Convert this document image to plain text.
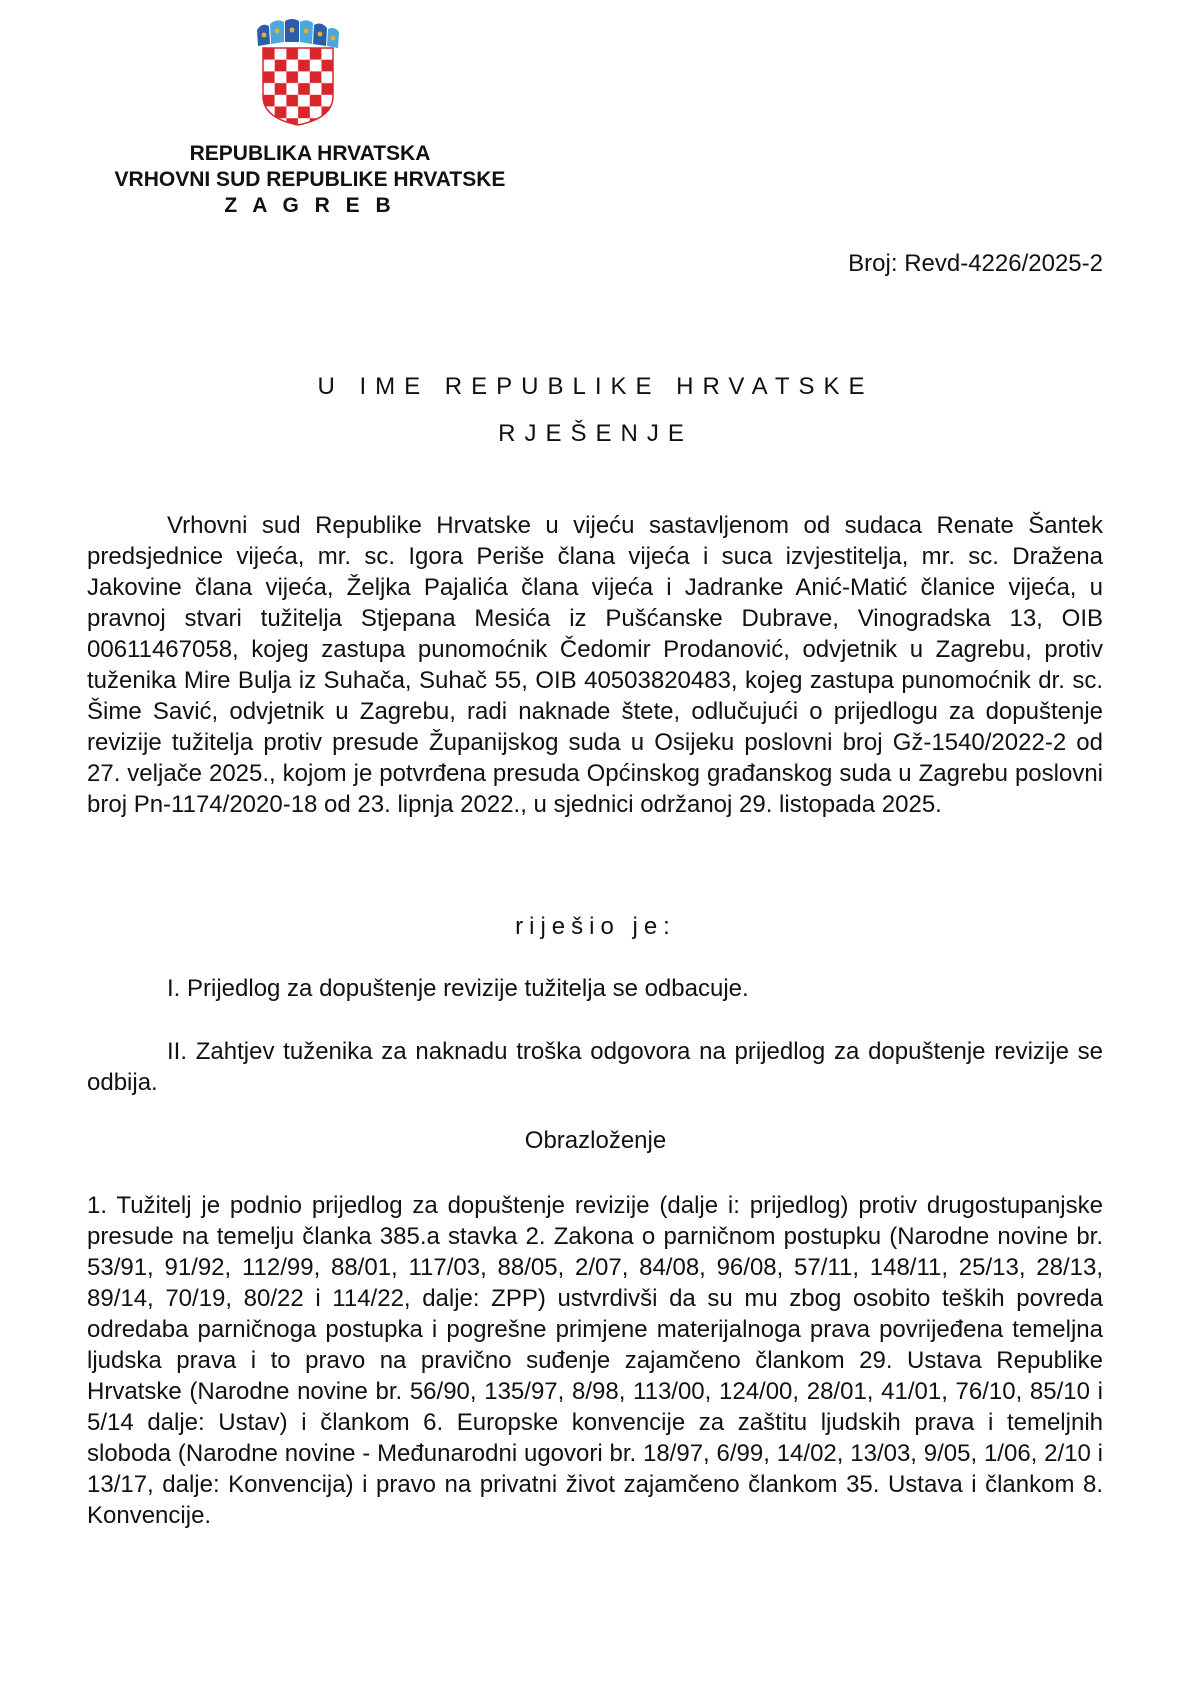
REPUBLIKA HRVATSKA
VRHOVNI SUD REPUBLIKE HRVATSKE
Z A G R E B
Broj: Revd-4226/2025-2
U IME REPUBLIKE HRVATSKE
RJEŠENJE

Vrhovni sud Republike Hrvatske u vijeću sastavljenom od sudaca Renate Šantek predsjednice vijeća, mr. sc. Igora Periše člana vijeća i suca izvjestitelja, mr. sc. Dražena Jakovine člana vijeća, Željka Pajalića člana vijeća i Jadranke Anić-Matić članice vijeća, u pravnoj stvari tužitelja Stjepana Mesića iz Pušćanske Dubrave, Vinogradska 13, OIB 00611467058, kojeg zastupa punomoćnik Čedomir Prodanović, odvjetnik u Zagrebu, protiv tuženika Mire Bulja iz Suhača, Suhač 55, OIB 40503820483, kojeg zastupa punomoćnik dr. sc. Šime Savić, odvjetnik u Zagrebu, radi naknade štete, odlučujući o prijedlogu za dopuštenje revizije tužitelja protiv presude Županijskog suda u Osijeku poslovni broj Gž-1540/2022-2 od 27. veljače 2025., kojom je potvrđena presuda Općinskog građanskog suda u Zagrebu poslovni broj Pn-1174/2020-18 od 23. lipnja 2022., u sjednici održanoj 29. listopada 2025.

riješio je:

I. Prijedlog za dopuštenje revizije tužitelja se odbacuje.

II. Zahtjev tuženika za naknadu troška odgovora na prijedlog za dopuštenje revizije se odbija.

Obrazloženje

1. Tužitelj je podnio prijedlog za dopuštenje revizije (dalje i: prijedlog) protiv drugostupanjske presude na temelju članka 385.a stavka 2. Zakona o parničnom postupku (Narodne novine br. 53/91, 91/92, 112/99, 88/01, 117/03, 88/05, 2/07, 84/08, 96/08, 57/11, 148/11, 25/13, 28/13, 89/14, 70/19, 80/22 i 114/22, dalje: ZPP) ustvrdivši da su mu zbog osobito teških povreda odredaba parničnoga postupka i pogrešne primjene materijalnoga prava povrijeđena temeljna ljudska prava i to pravo na pravično suđenje zajamčeno člankom 29. Ustava Republike Hrvatske (Narodne novine br. 56/90, 135/97, 8/98, 113/00, 124/00, 28/01, 41/01, 76/10, 85/10 i 5/14 dalje: Ustav) i člankom 6. Europske konvencije za zaštitu ljudskih prava i temeljnih sloboda (Narodne novine - Međunarodni ugovori br. 18/97, 6/99, 14/02, 13/03, 9/05, 1/06, 2/10 i 13/17, dalje: Konvencija) i pravo na privatni život zajamčeno člankom 35. Ustava i člankom 8. Konvencije.
